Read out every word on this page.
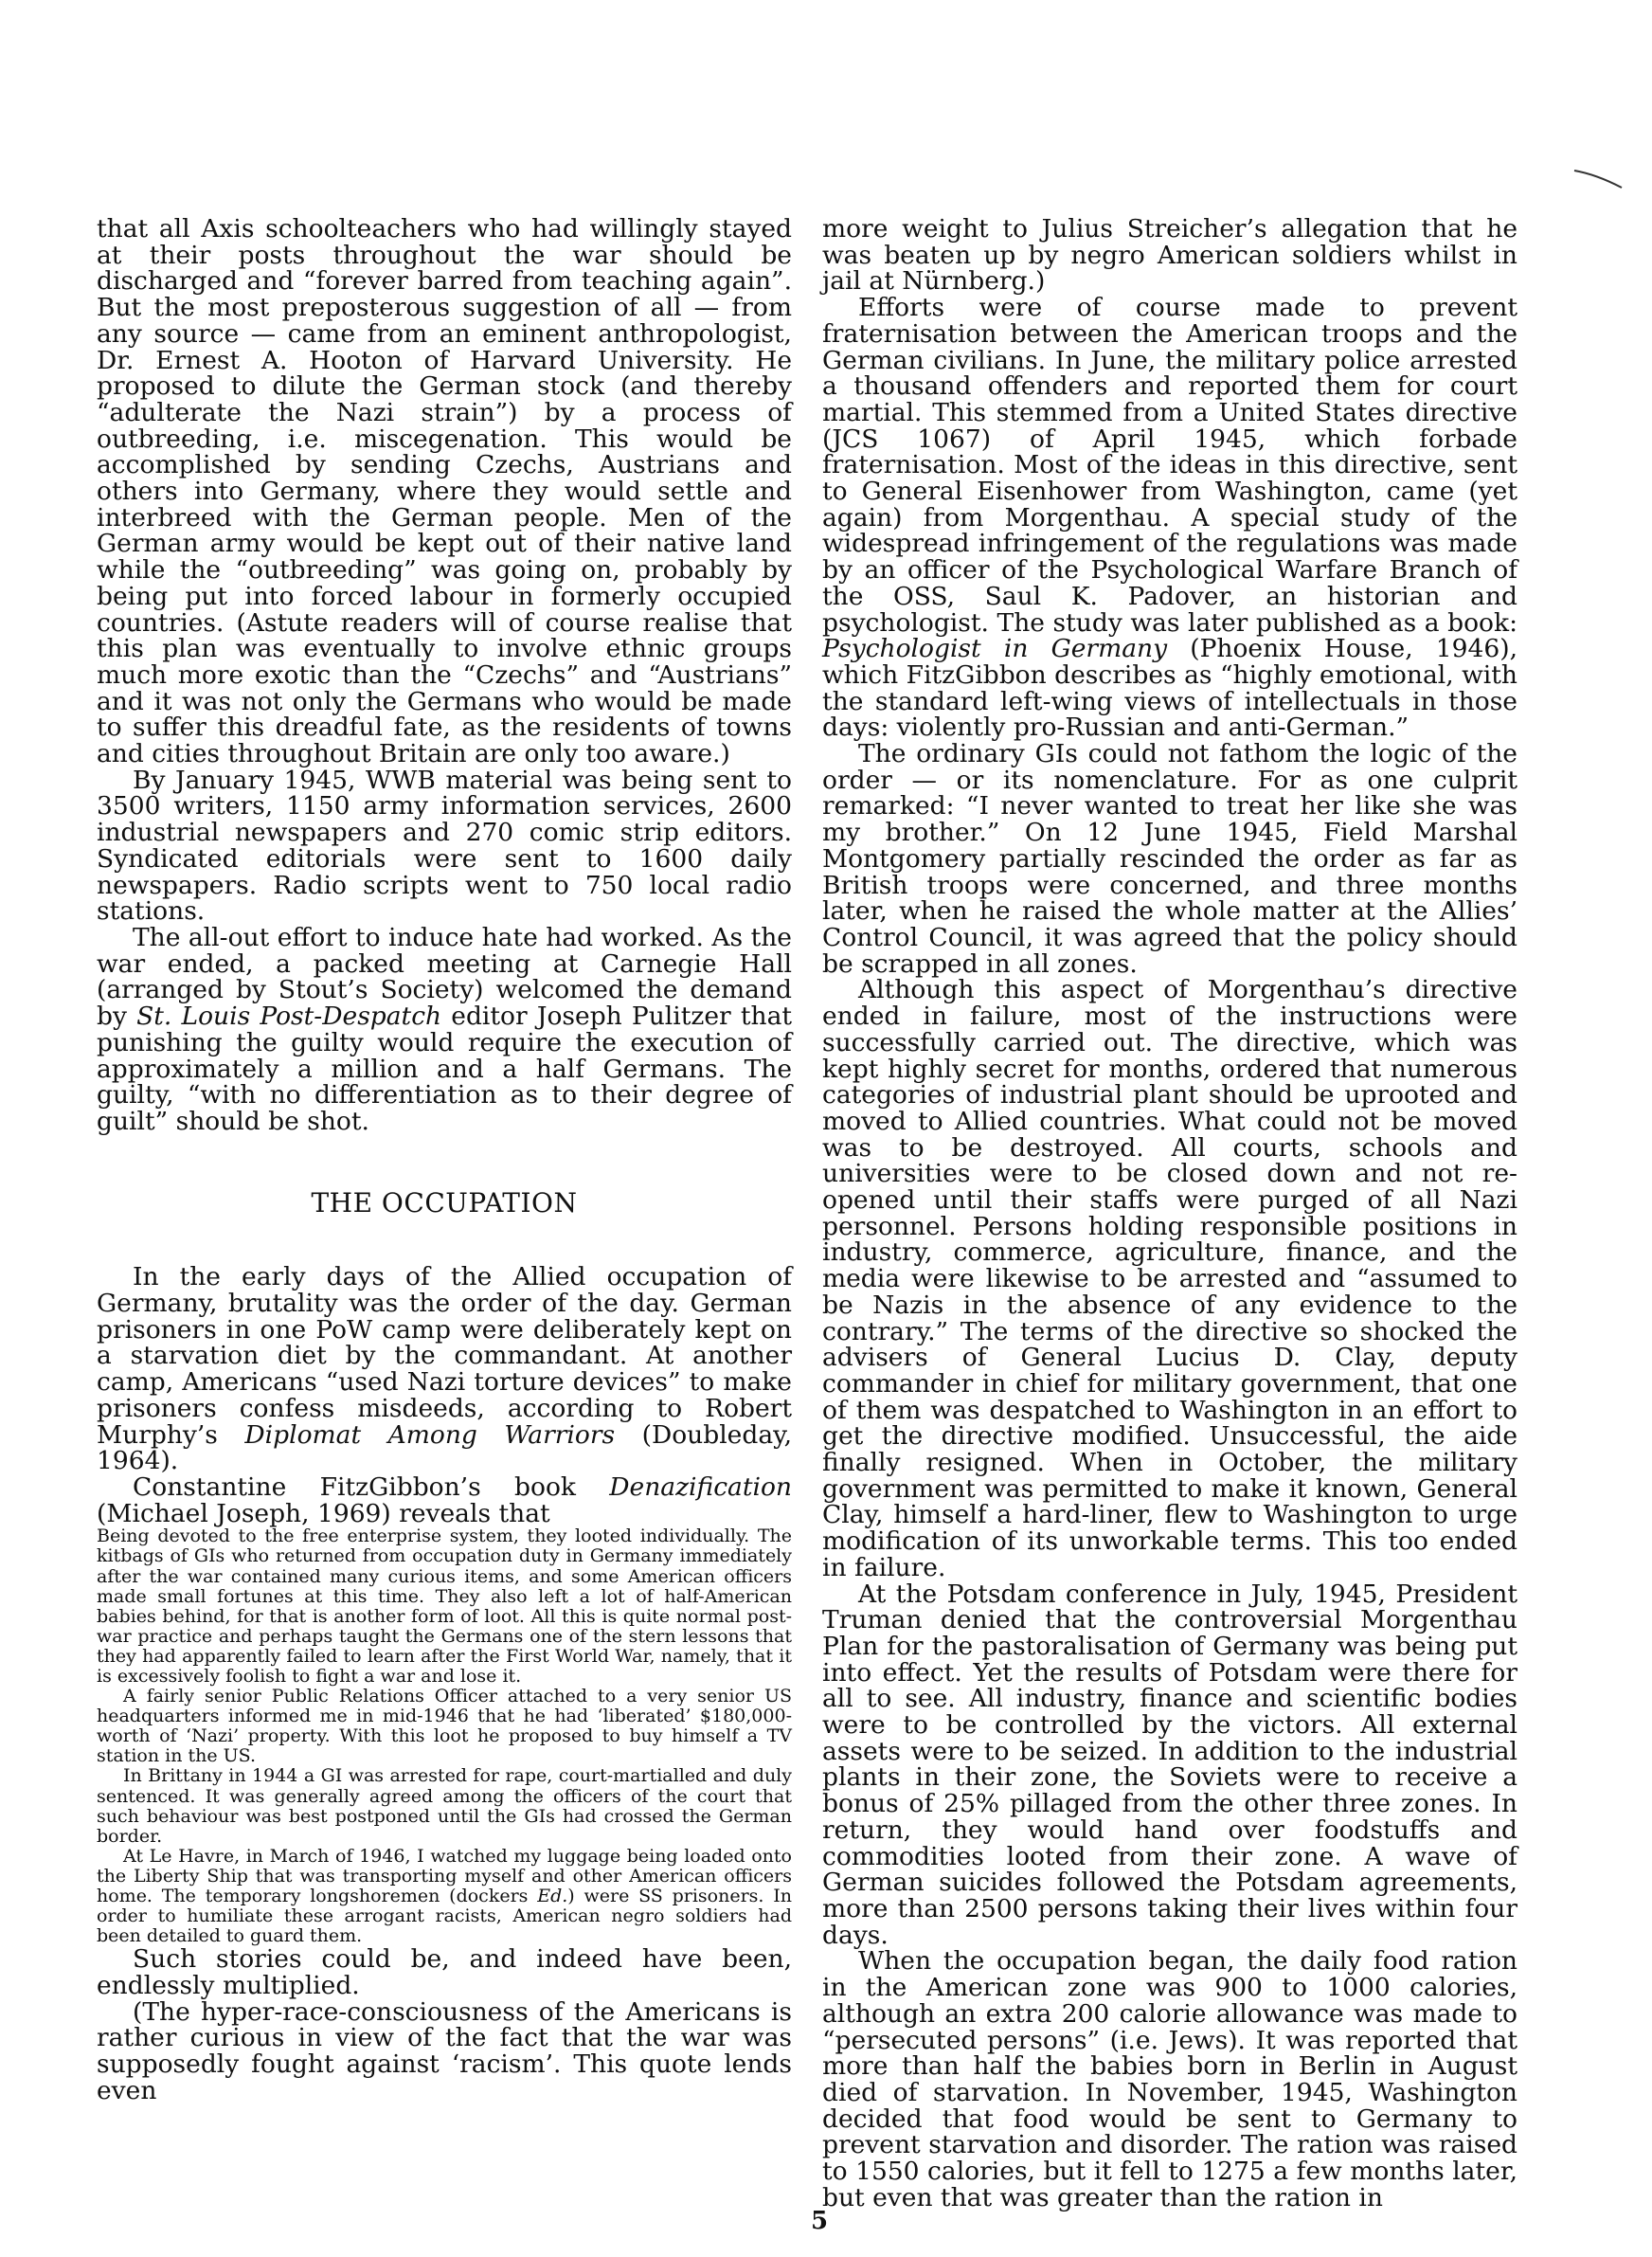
that all Axis schoolteachers who had willingly stayed at their posts throughout the war should be discharged and “forever barred from teaching again”. But the most preposterous suggestion of all — from any source — came from an eminent anthropologist, Dr. Ernest A. Hooton of Harvard University. He proposed to dilute the German stock (and thereby “adulterate the Nazi strain”) by a process of outbreeding, i.e. miscegenation. This would be accomplished by sending Czechs, Austrians and others into Germany, where they would settle and interbreed with the German people. Men of the German army would be kept out of their native land while the “outbreeding” was going on, probably by being put into forced labour in formerly occupied countries. (Astute readers will of course realise that this plan was eventually to involve ethnic groups much more exotic than the “Czechs” and “Austrians” and it was not only the Germans who would be made to suffer this dreadful fate, as the residents of towns and cities throughout Britain are only too aware.)

By January 1945, WWB material was being sent to 3500 writers, 1150 army information services, 2600 industrial newspapers and 270 comic strip editors. Syndicated editorials were sent to 1600 daily newspapers. Radio scripts went to 750 local radio stations.

The all-out effort to induce hate had worked. As the war ended, a packed meeting at Carnegie Hall (arranged by Stout’s Society) welcomed the demand by St. Louis Post-Despatch editor Joseph Pulitzer that punishing the guilty would require the execution of approximately a million and a half Germans. The guilty, “with no differentiation as to their degree of guilt” should be shot.

THE OCCUPATION

In the early days of the Allied occupation of Germany, brutality was the order of the day. German prisoners in one PoW camp were deliberately kept on a starvation diet by the commandant. At another camp, Americans “used Nazi torture devices” to make prisoners confess misdeeds, according to Robert Murphy’s Diplomat Among Warriors (Doubleday, 1964).

Constantine FitzGibbon’s book Denazification (Michael Joseph, 1969) reveals that

Being devoted to the free enterprise system, they looted individually. The kitbags of GIs who returned from occupation duty in Germany immediately after the war contained many curious items, and some American officers made small fortunes at this time. They also left a lot of half-American babies behind, for that is another form of loot. All this is quite normal post-war practice and perhaps taught the Germans one of the stern lessons that they had apparently failed to learn after the First World War, namely, that it is excessively foolish to fight a war and lose it.

A fairly senior Public Relations Officer attached to a very senior US headquarters informed me in mid-1946 that he had ‘liberated’ $180,000-worth of ‘Nazi’ property. With this loot he proposed to buy himself a TV station in the US.

In Brittany in 1944 a GI was arrested for rape, court-martialled and duly sentenced. It was generally agreed among the officers of the court that such behaviour was best postponed until the GIs had crossed the German border.

At Le Havre, in March of 1946, I watched my luggage being loaded onto the Liberty Ship that was transporting myself and other American officers home. The temporary longshoremen (dockers Ed.) were SS prisoners. In order to humiliate these arrogant racists, American negro soldiers had been detailed to guard them.

Such stories could be, and indeed have been, endlessly multiplied.

(The hyper-race-consciousness of the Americans is rather curious in view of the fact that the war was supposedly fought against ‘racism’. This quote lends even

more weight to Julius Streicher’s allegation that he was beaten up by negro American soldiers whilst in jail at Nürnberg.)

Efforts were of course made to prevent fraternisation between the American troops and the German civilians. In June, the military police arrested a thousand offenders and reported them for court martial. This stemmed from a United States directive (JCS 1067) of April 1945, which forbade fraternisation. Most of the ideas in this directive, sent to General Eisenhower from Washington, came (yet again) from Morgenthau. A special study of the widespread infringement of the regulations was made by an officer of the Psychological Warfare Branch of the OSS, Saul K. Padover, an historian and psychologist. The study was later published as a book: Psychologist in Germany (Phoenix House, 1946), which FitzGibbon describes as “highly emotional, with the standard left-wing views of intellectuals in those days: violently pro-Russian and anti-German.”

The ordinary GIs could not fathom the logic of the order — or its nomenclature. For as one culprit remarked: “I never wanted to treat her like she was my brother.” On 12 June 1945, Field Marshal Montgomery partially rescinded the order as far as British troops were concerned, and three months later, when he raised the whole matter at the Allies’ Control Council, it was agreed that the policy should be scrapped in all zones.

Although this aspect of Morgenthau’s directive ended in failure, most of the instructions were successfully carried out. The directive, which was kept highly secret for months, ordered that numerous categories of industrial plant should be uprooted and moved to Allied countries. What could not be moved was to be destroyed. All courts, schools and universities were to be closed down and not re-opened until their staffs were purged of all Nazi personnel. Persons holding responsible positions in industry, commerce, agriculture, finance, and the media were likewise to be arrested and “assumed to be Nazis in the absence of any evidence to the contrary.” The terms of the directive so shocked the advisers of General Lucius D. Clay, deputy commander in chief for military government, that one of them was despatched to Washington in an effort to get the directive modified. Unsuccessful, the aide finally resigned. When in October, the military government was permitted to make it known, General Clay, himself a hard-liner, flew to Washington to urge modification of its unworkable terms. This too ended in failure.

At the Potsdam conference in July, 1945, President Truman denied that the controversial Morgenthau Plan for the pastoralisation of Germany was being put into effect. Yet the results of Potsdam were there for all to see. All industry, finance and scientific bodies were to be controlled by the victors. All external assets were to be seized. In addition to the industrial plants in their zone, the Soviets were to receive a bonus of 25% pillaged from the other three zones. In return, they would hand over foodstuffs and commodities looted from their zone. A wave of German suicides followed the Potsdam agreements, more than 2500 persons taking their lives within four days.

When the occupation began, the daily food ration in the American zone was 900 to 1000 calories, although an extra 200 calorie allowance was made to “persecuted persons” (i.e. Jews). It was reported that more than half the babies born in Berlin in August died of starvation. In November, 1945, Washington decided that food would be sent to Germany to prevent starvation and disorder. The ration was raised to 1550 calories, but it fell to 1275 a few months later, but even that was greater than the ration in

5
